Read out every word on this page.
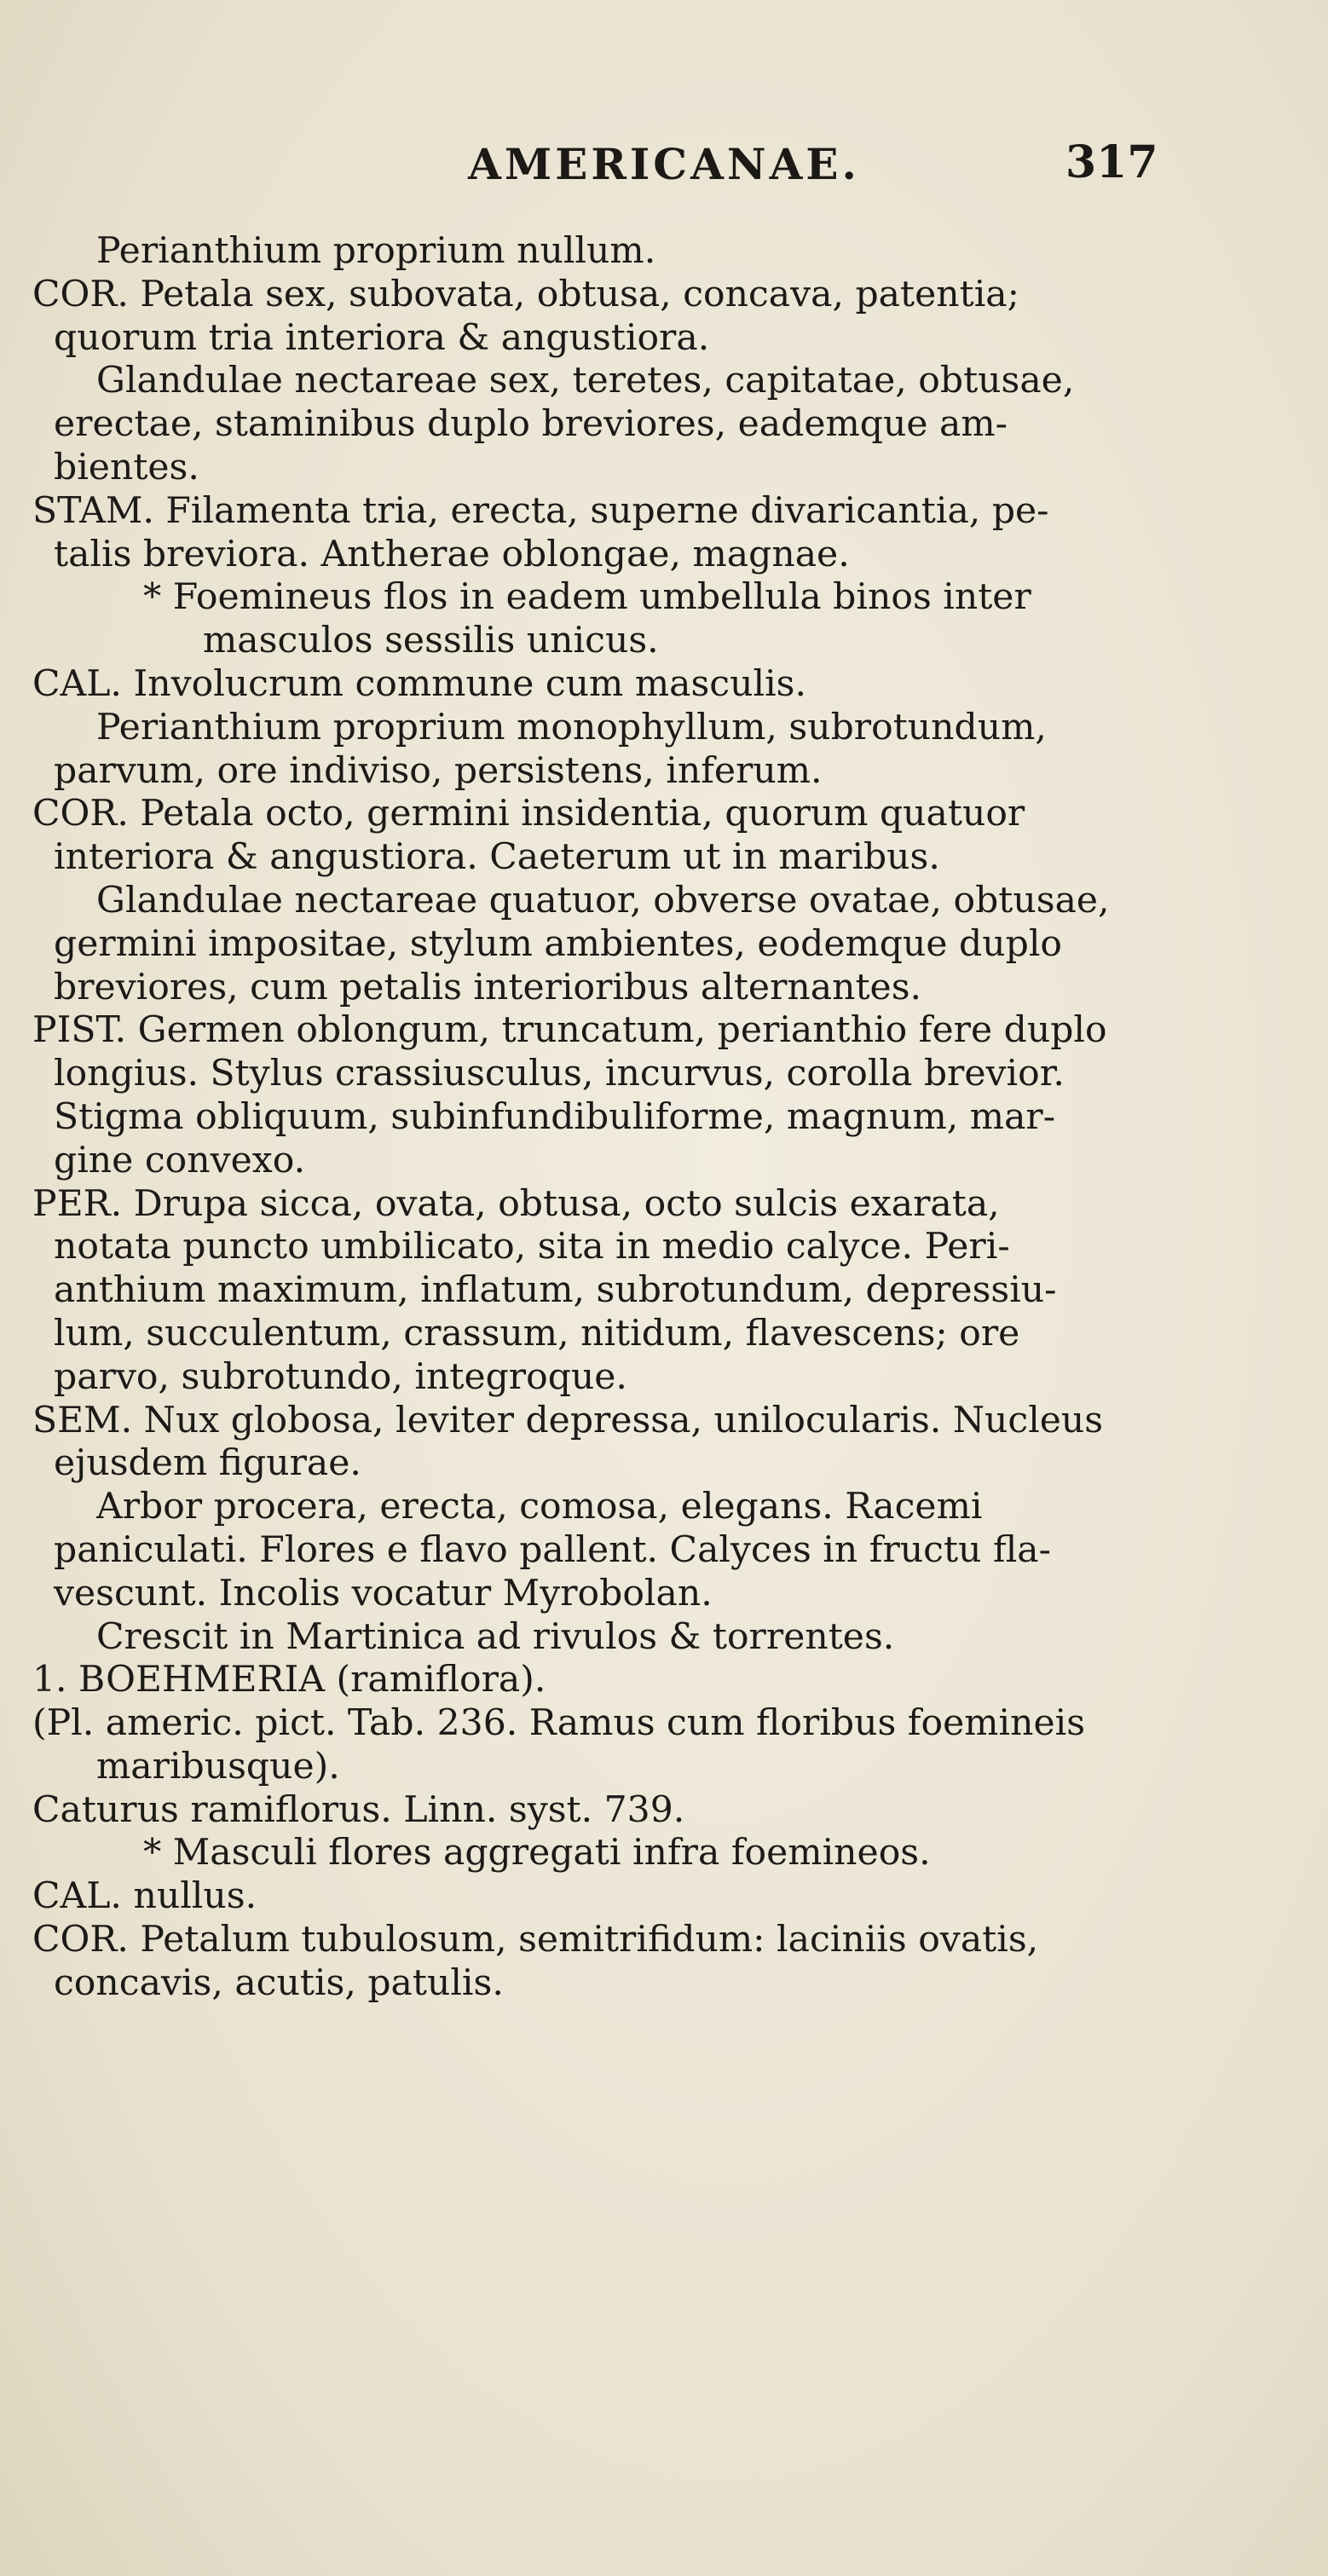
AMERICANAE.	317
Perianthium proprium nullum.
COR. Petala sex, subovata, obtusa, concava, patentia;
quorum tria interiora & angustiora.
Glandulae nectareae sex, teretes, capitatae, obtusae,
erectae, staminibus duplo breviores, eademque am-
bientes.
STAM. Filamenta tria, erecta, superne divaricantia, pe-
talis breviora. Antherae oblongae, magnae.
* Foemineus flos in eadem umbellula binos inter
masculos sessilis unicus.
CAL. Involucrum commune cum masculis.
Perianthium proprium monophyllum, subrotundum,
parvum, ore indiviso, persistens, inferum.
COR. Petala octo, germini insidentia, quorum quatuor
interiora & angustiora. Caeterum ut in maribus.
Glandulae nectareae quatuor, obverse ovatae, obtusae,
germini impositae, stylum ambientes, eodemque duplo
breviores, cum petalis interioribus alternantes.
PIST. Germen oblongum, truncatum, perianthio fere duplo
longius. Stylus crassiusculus, incurvus, corolla brevior.
Stigma obliquum, subinfundibuliforme, magnum, mar-
gine convexo.
PER. Drupa sicca, ovata, obtusa, octo sulcis exarata,
notata puncto umbilicato, sita in medio calyce. Peri-
anthium maximum, inflatum, subrotundum, depressiu-
lum, succulentum, crassum, nitidum, flavescens; ore
parvo, subrotundo, integroque.
SEM. Nux globosa, leviter depressa, unilocularis. Nucleus
ejusdem figurae.
Arbor procera, erecta, comosa, elegans. Racemi
paniculati. Flores e flavo pallent. Calyces in fructu fla-
vescunt. Incolis vocatur Myrobolan.
Crescit in Martinica ad rivulos & torrentes.
1. BOEHMERIA (ramiflora).
(Pl. americ. pict. Tab. 236. Ramus cum floribus foemineis
maribusque).
Caturus ramiflorus. Linn. syst. 739.
* Masculi flores aggregati infra foemineos.
CAL. nullus.
COR. Petalum tubulosum, semitrifidum: laciniis ovatis,
concavis, acutis, patulis.
